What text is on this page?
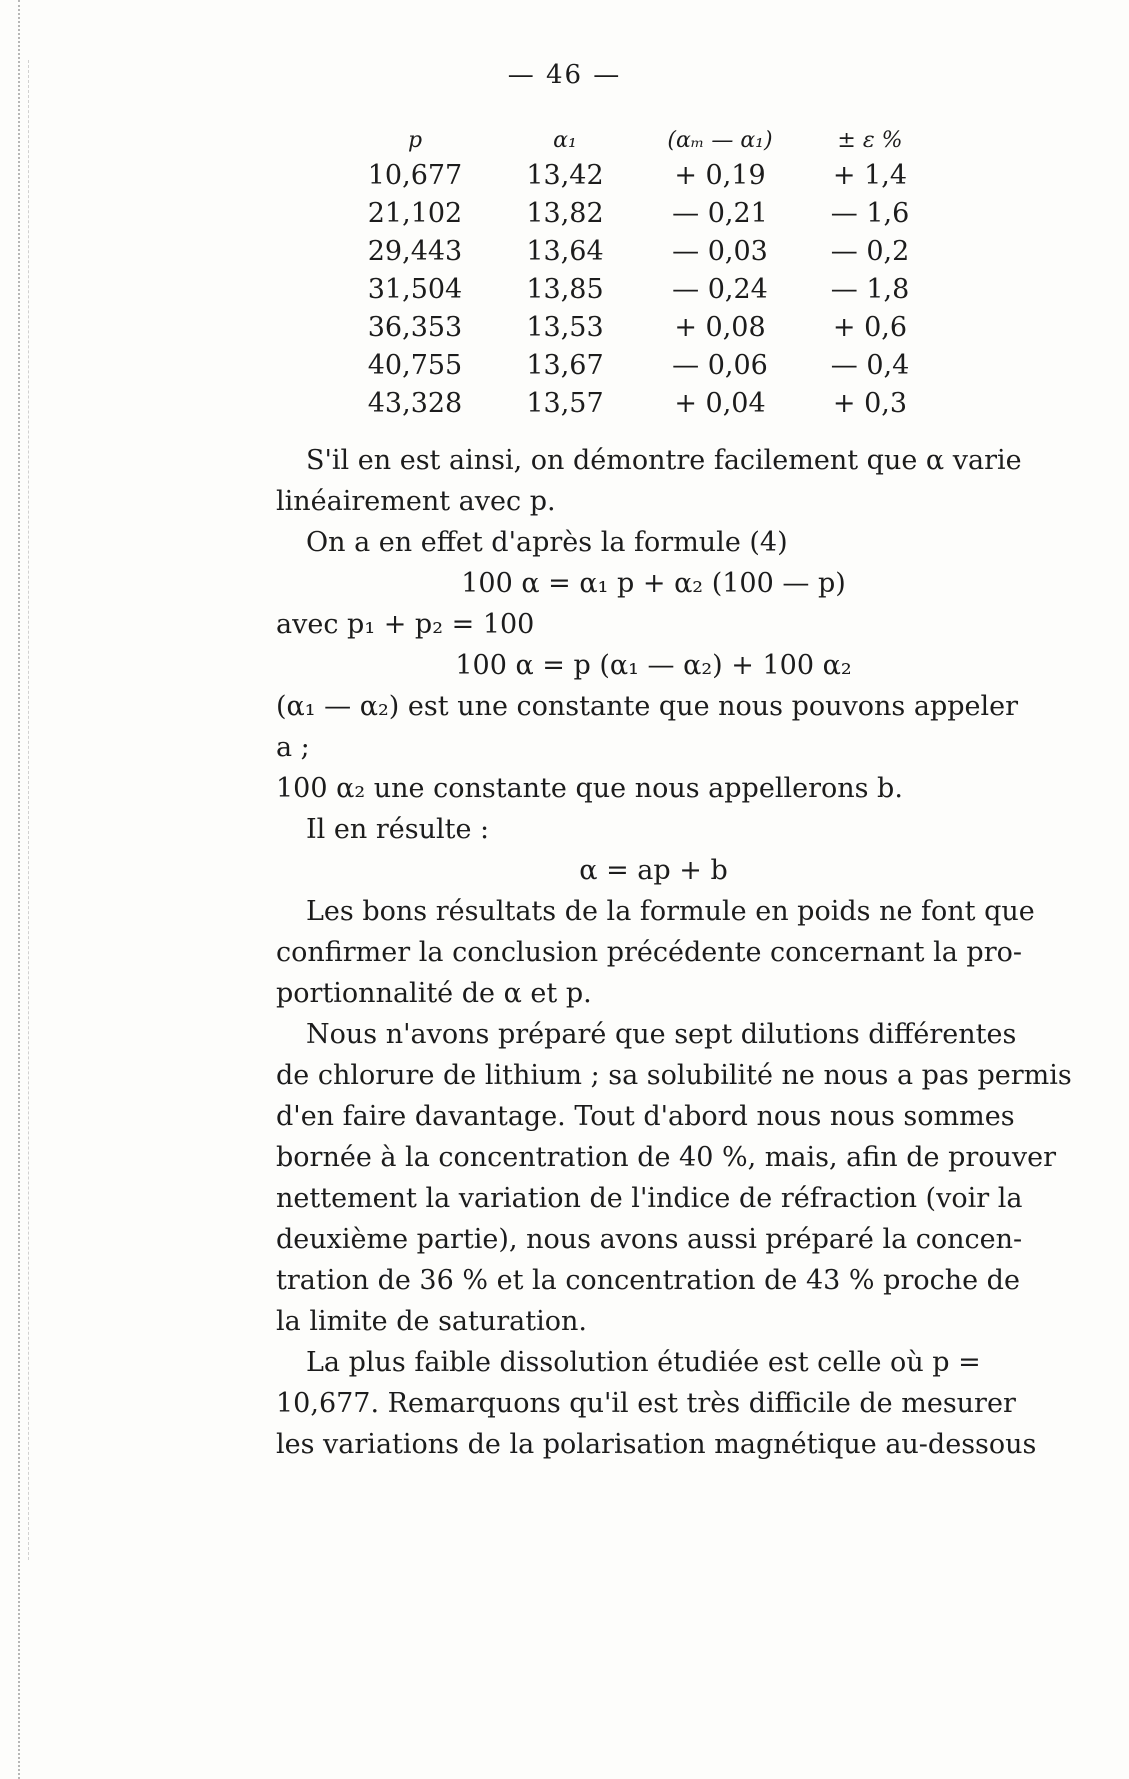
— 46 —
p	α₁	(αₘ — α₁)	± ε %
10,677	13,42	+ 0,19	+ 1,4
21,102	13,82	— 0,21	— 1,6
29,443	13,64	— 0,03	— 0,2
31,504	13,85	— 0,24	— 1,8
36,353	13,53	+ 0,08	+ 0,6
40,755	13,67	— 0,06	— 0,4
43,328	13,57	+ 0,04	+ 0,3
S'il en est ainsi, on démontre facilement que α varie
linéairement avec p.
On a en effet d'après la formule (4)
100 α = α₁ p + α₂ (100 — p)
avec p₁ + p₂ = 100
100 α = p (α₁ — α₂) + 100 α₂
(α₁ — α₂) est une constante que nous pouvons appeler
a ;
100 α₂ une constante que nous appellerons b.
Il en résulte :
α = ap + b
Les bons résultats de la formule en poids ne font que
confirmer la conclusion précédente concernant la pro-
portionnalité de α et p.
Nous n'avons préparé que sept dilutions différentes
de chlorure de lithium ; sa solubilité ne nous a pas permis
d'en faire davantage. Tout d'abord nous nous sommes
bornée à la concentration de 40 %, mais, afin de prouver
nettement la variation de l'indice de réfraction (voir la
deuxième partie), nous avons aussi préparé la concen-
tration de 36 % et la concentration de 43 % proche de
la limite de saturation.
La plus faible dissolution étudiée est celle où p =
10,677. Remarquons qu'il est très difficile de mesurer
les variations de la polarisation magnétique au-dessous
